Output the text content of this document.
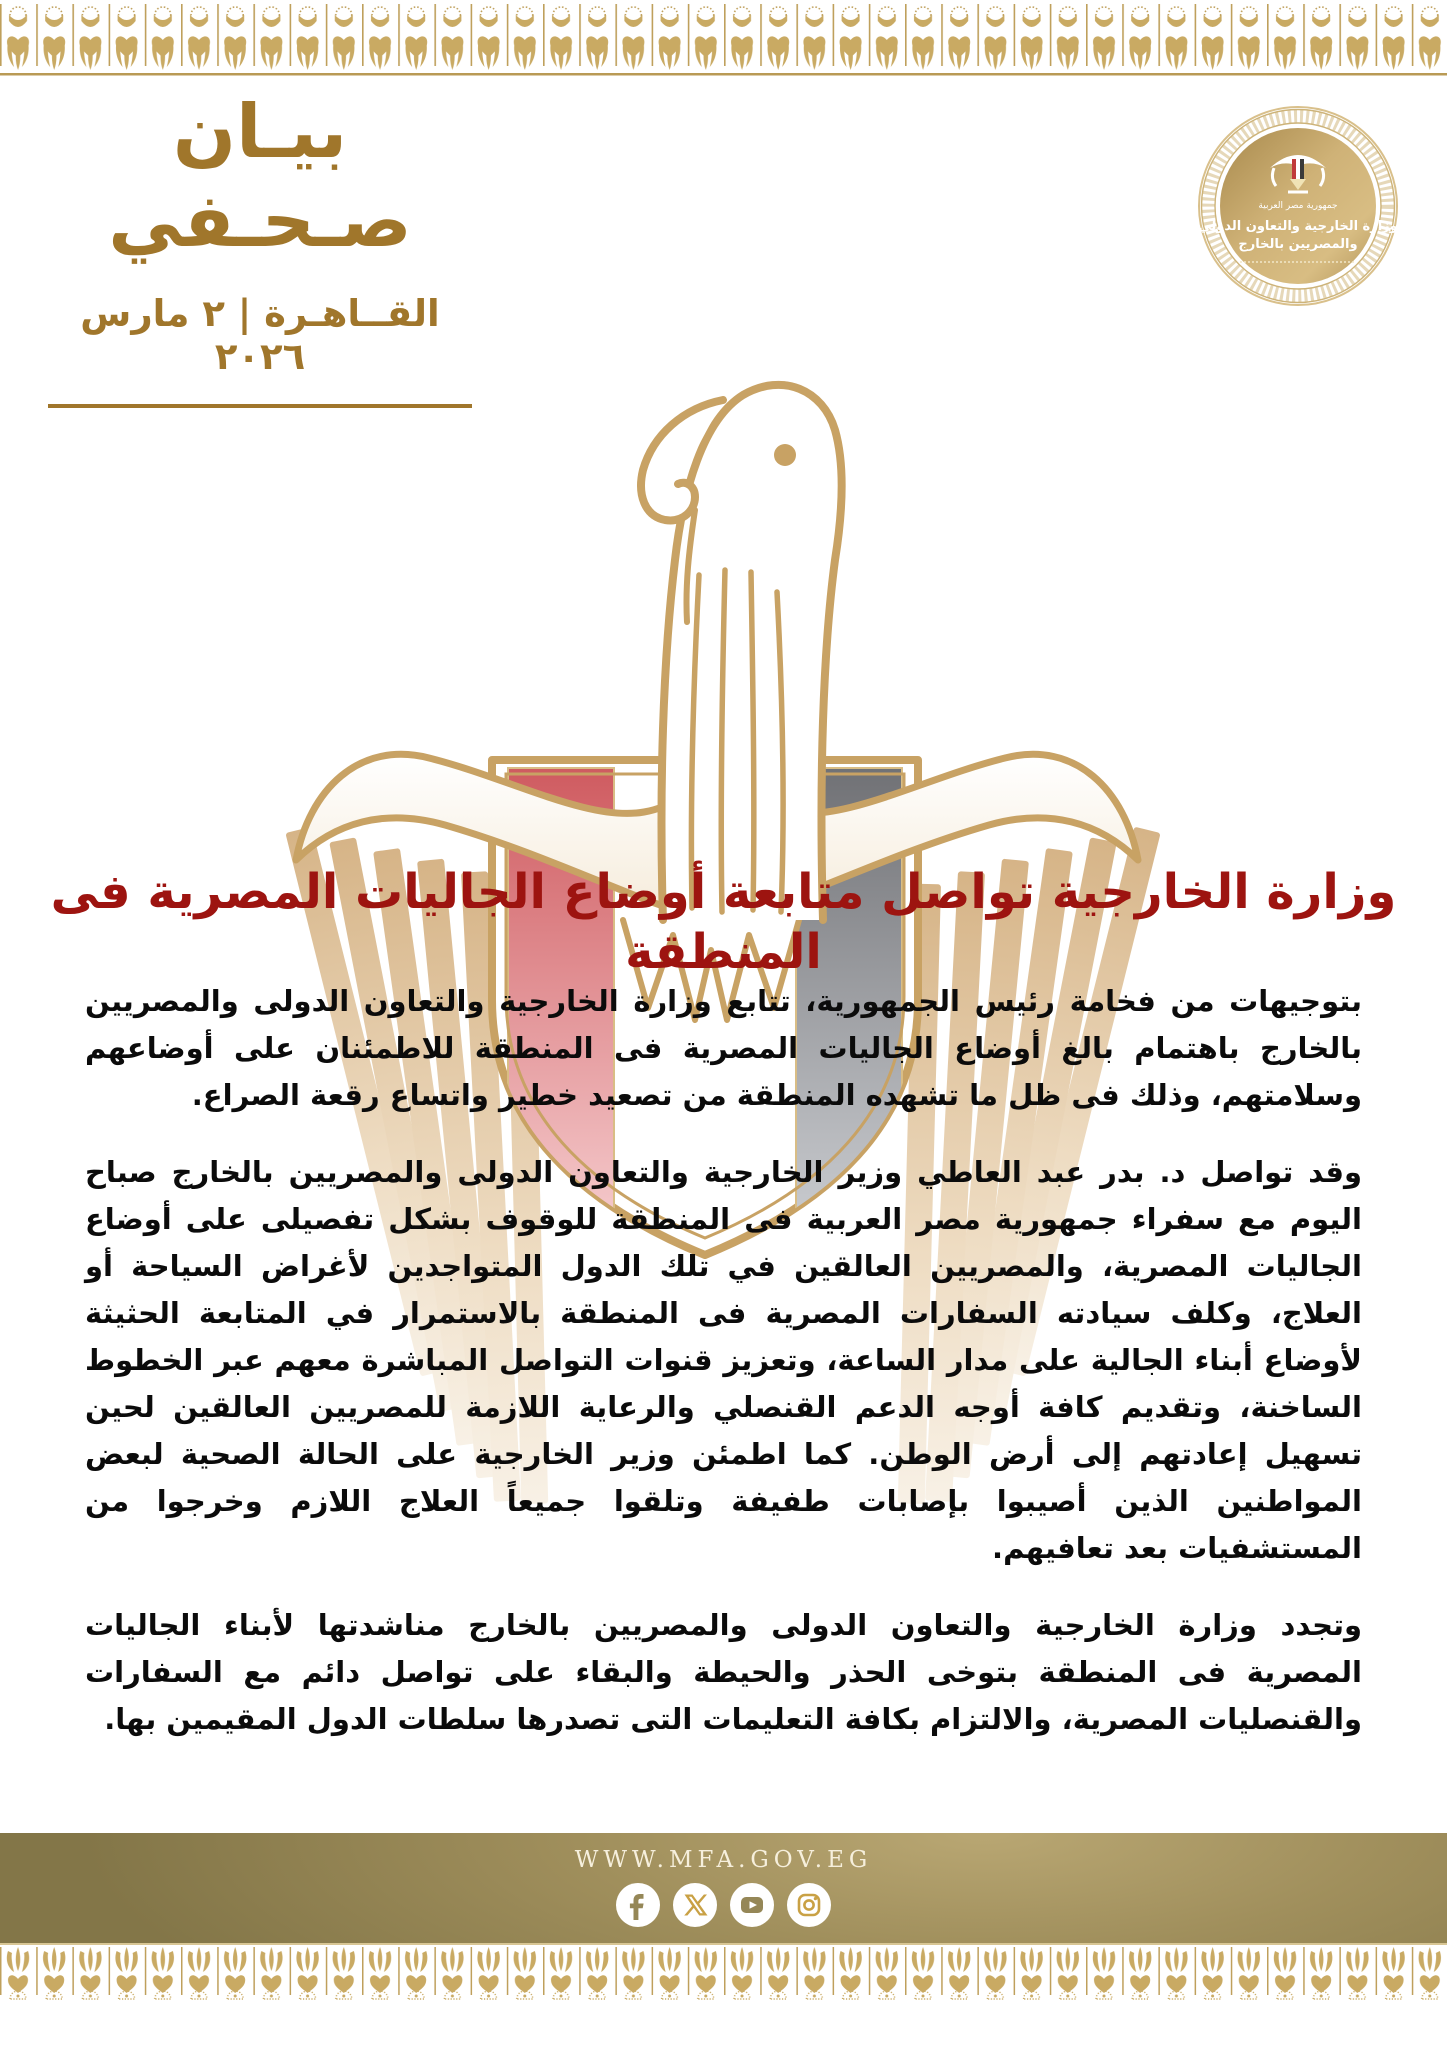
بيـان صـحـفي
القــاهـرة | ٢ مارس ٢٠٢٦
جمهورية مصر العربية
وزارة الخارجية والتعاون الدولي
والمصريين بالخارج
وزارة الخارجية تواصل متابعة أوضاع الجاليات المصرية فى المنطقة

بتوجيهات من فخامة رئيس الجمهورية، تتابع وزارة الخارجية والتعاون الدولى والمصريين بالخارج باهتمام بالغ أوضاع الجاليات المصرية فى المنطقة للاطمئنان على أوضاعهم وسلامتهم، وذلك فى ظل ما تشهده المنطقة من تصعيد خطير واتساع رقعة الصراع.

وقد تواصل د. بدر عبد العاطي وزير الخارجية والتعاون الدولى والمصريين بالخارج صباح اليوم مع سفراء جمهورية مصر العربية فى المنطقة للوقوف بشكل تفصيلى على أوضاع الجاليات المصرية، والمصريين العالقين في تلك الدول المتواجدين لأغراض السياحة أو العلاج، وكلف سيادته السفارات المصرية فى المنطقة بالاستمرار في المتابعة الحثيثة لأوضاع أبناء الجالية على مدار الساعة، وتعزيز قنوات التواصل المباشرة معهم عبر الخطوط الساخنة، وتقديم كافة أوجه الدعم القنصلي والرعاية اللازمة للمصريين العالقين لحين تسهيل إعادتهم إلى أرض الوطن. كما اطمئن وزير الخارجية على الحالة الصحية لبعض المواطنين الذين أصيبوا بإصابات طفيفة وتلقوا جميعاً العلاج اللازم وخرجوا من المستشفيات بعد تعافيهم.

وتجدد وزارة الخارجية والتعاون الدولى والمصريين بالخارج مناشدتها لأبناء الجاليات المصرية فى المنطقة بتوخى الحذر والحيطة والبقاء على تواصل دائم مع السفارات والقنصليات المصرية، والالتزام بكافة التعليمات التى تصدرها سلطات الدول المقيمين بها.

WWW.MFA.GOV.EG
